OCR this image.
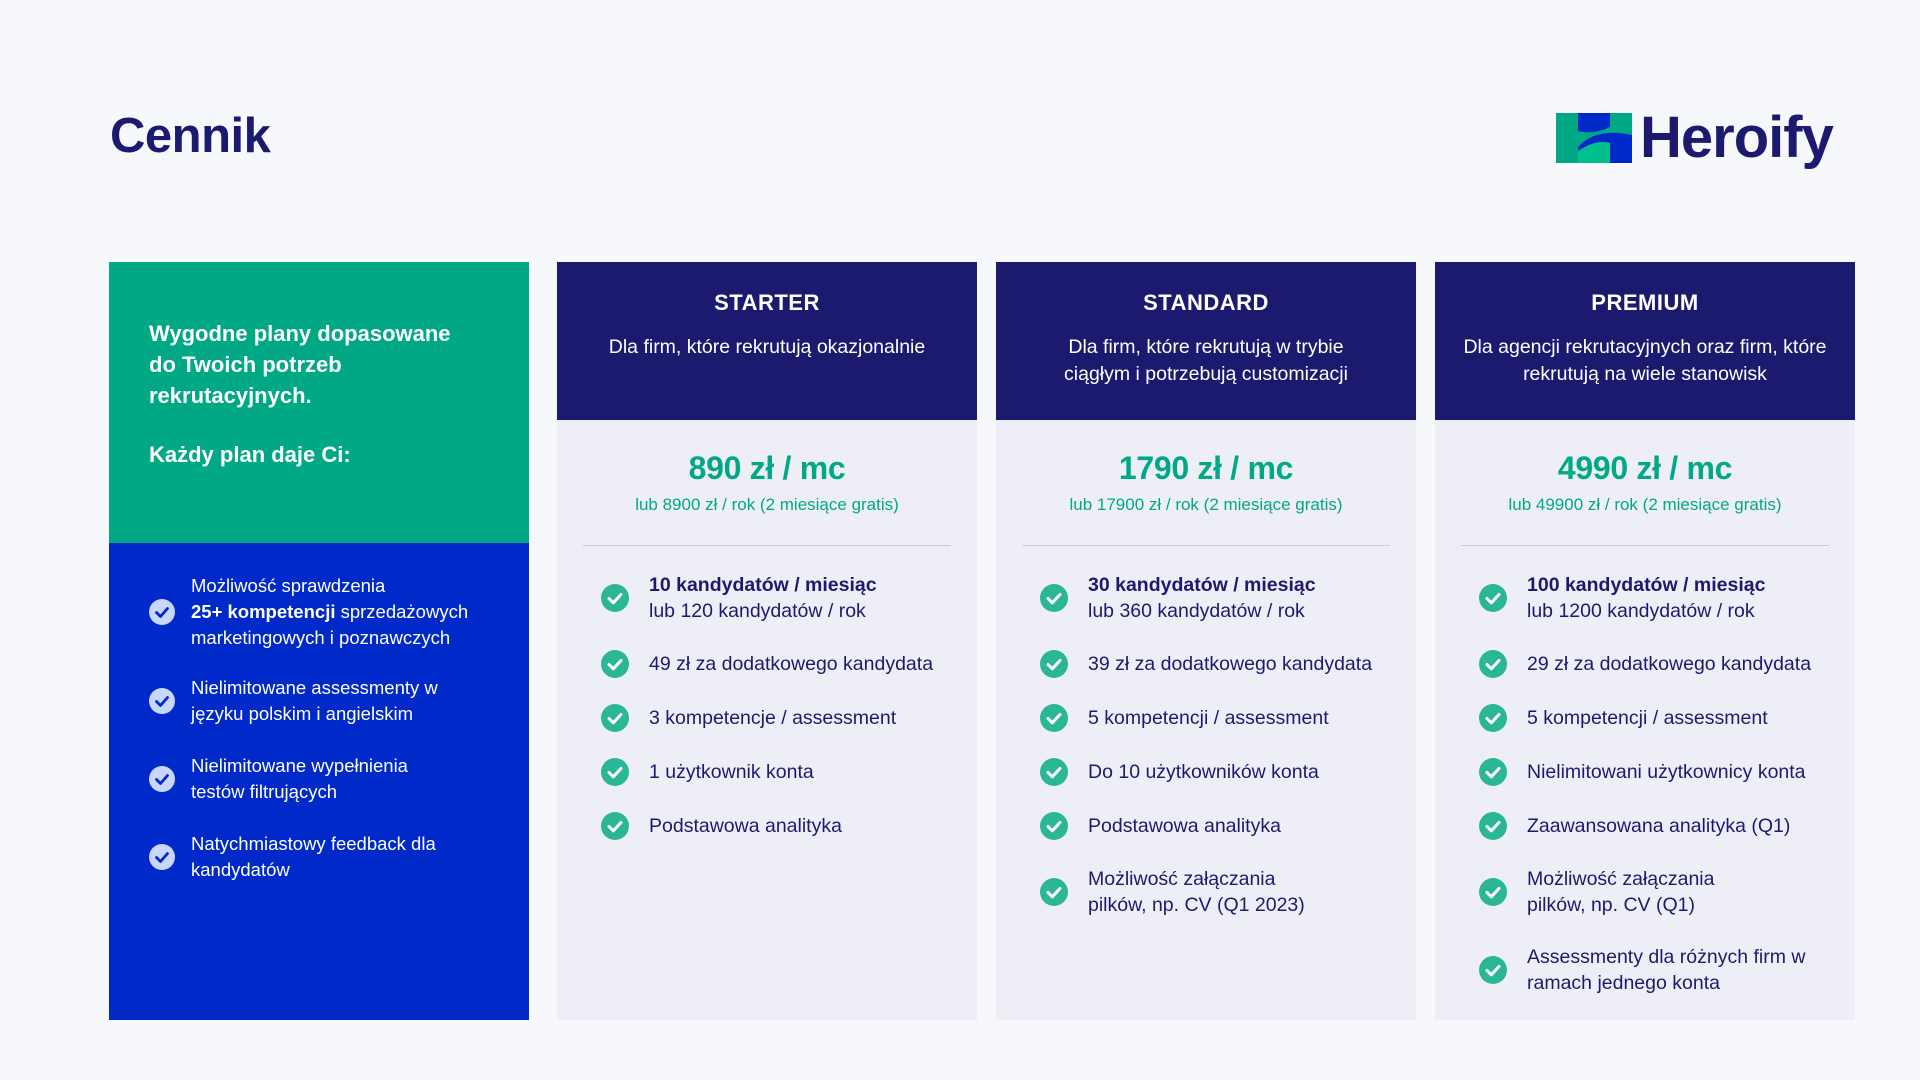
Cennik	Heroify
Wygodne plany dopasowane do Twoich potrzeb rekrutacyjnych.
Każdy plan daje Ci:
Możliwość sprawdzenia
25+ kompetencji sprzedażowych marketingowych i poznawczych
Nielimitowane assessmenty w języku polskim i angielskim
Nielimitowane wypełnienia testów filtrujących
Natychmiastowy feedback dla kandydatów
STARTER
Dla firm, które rekrutują okazjonalnie
890 zł / mc
lub 8900 zł / rok (2 miesiące gratis)
10 kandydatów / miesiąc
lub 120 kandydatów / rok
49 zł za dodatkowego kandydata
3 kompetencje / assessment
1 użytkownik konta
Podstawowa analityka
STANDARD
Dla firm, które rekrutują w trybie ciągłym i potrzebują customizacji
1790 zł / mc
lub 17900 zł / rok (2 miesiące gratis)
30 kandydatów / miesiąc
lub 360 kandydatów / rok
39 zł za dodatkowego kandydata
5 kompetencji / assessment
Do 10 użytkowników konta
Podstawowa analityka
Możliwość załączania pilków, np. CV (Q1 2023)
PREMIUM
Dla agencji rekrutacyjnych oraz firm, które rekrutują na wiele stanowisk
4990 zł / mc
lub 49900 zł / rok (2 miesiące gratis)
100 kandydatów / miesiąc
lub 1200 kandydatów / rok
29 zł za dodatkowego kandydata
5 kompetencji / assessment
Nielimitowani użytkownicy konta
Zaawansowana analityka (Q1)
Możliwość załączania pilków, np. CV (Q1)
Assessmenty dla różnych firm w ramach jednego konta
